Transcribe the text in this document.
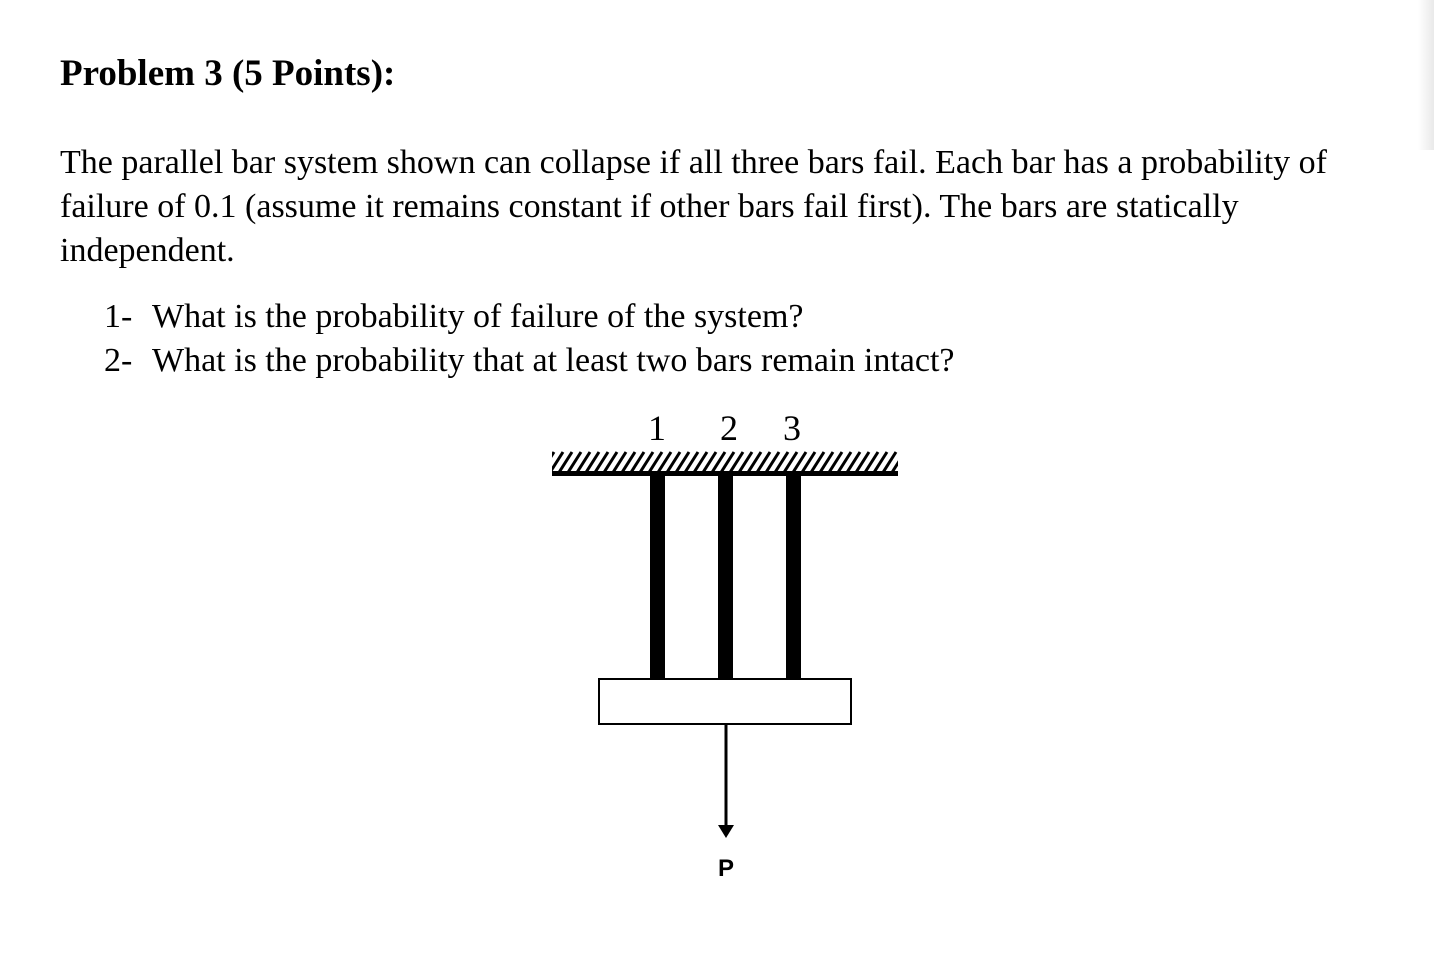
Problem 3 (5 Points):
The parallel bar system shown can collapse if all three bars fail. Each bar has a probability of
failure of 0.1 (assume it remains constant if other bars fail first). The bars are statically
independent.
1- What is the probability of failure of the system?
2- What is the probability that at least two bars remain intact?
1 2 3
P
